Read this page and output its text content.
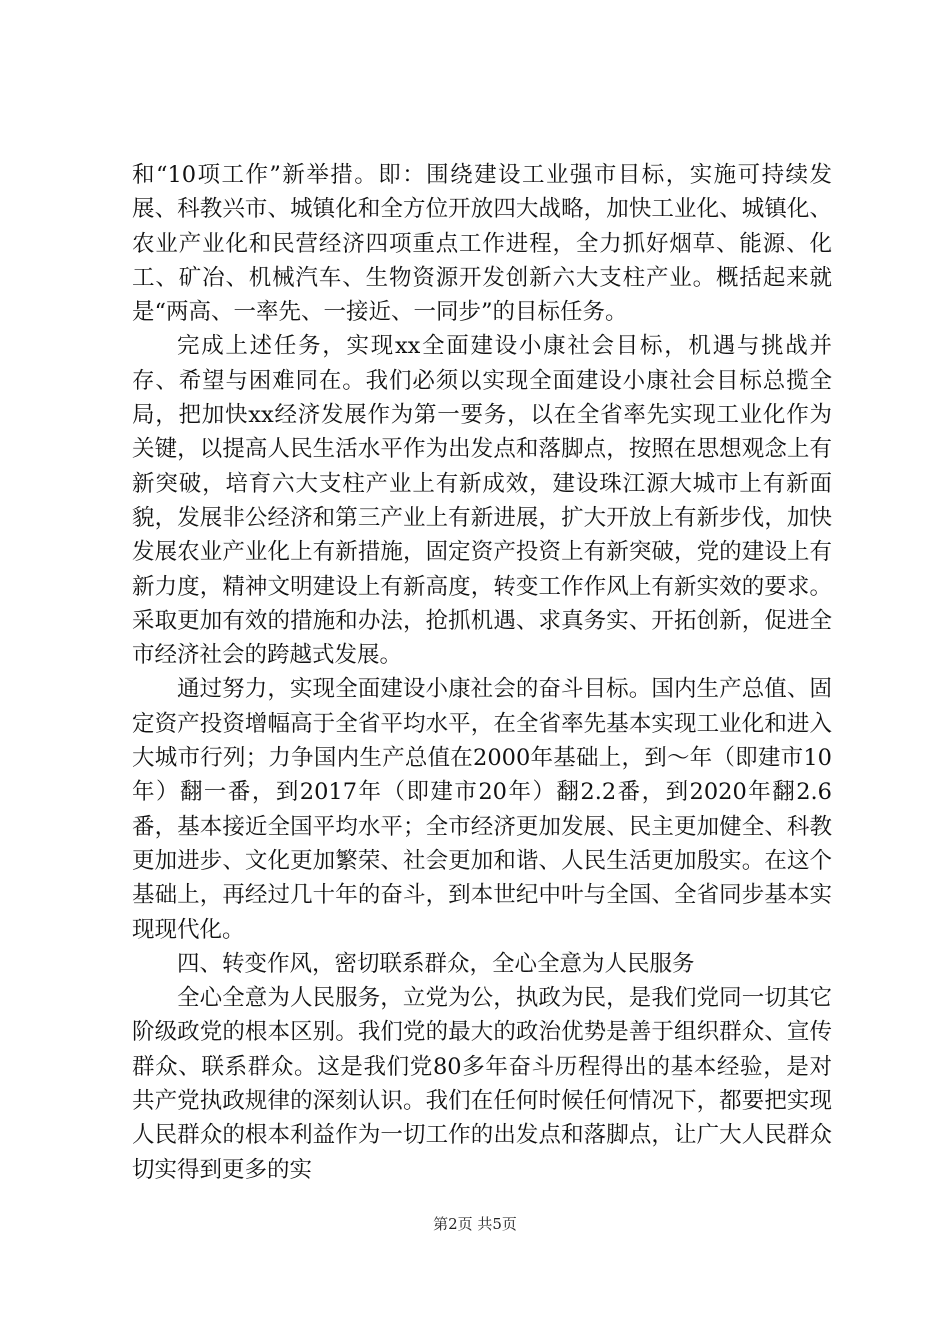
和“10项工作”新举措。即：围绕建设工业强市目标，实施可持续发展、科教兴市、城镇化和全方位开放四大战略，加快工业化、城镇化、农业产业化和民营经济四项重点工作进程，全力抓好烟草、能源、化工、矿冶、机械汽车、生物资源开发创新六大支柱产业。概括起来就是“两高、一率先、一接近、一同步”的目标任务。

完成上述任务，实现xx全面建设小康社会目标，机遇与挑战并存、希望与困难同在。我们必须以实现全面建设小康社会目标总揽全局，把加快xx经济发展作为第一要务，以在全省率先实现工业化作为关键，以提高人民生活水平作为出发点和落脚点，按照在思想观念上有新突破，培育六大支柱产业上有新成效，建设珠江源大城市上有新面貌，发展非公经济和第三产业上有新进展，扩大开放上有新步伐，加快发展农业产业化上有新措施，固定资产投资上有新突破，党的建设上有新力度，精神文明建设上有新高度，转变工作作风上有新实效的要求。采取更加有效的措施和办法，抢抓机遇、求真务实、开拓创新，促进全市经济社会的跨越式发展。

通过努力，实现全面建设小康社会的奋斗目标。国内生产总值、固定资产投资增幅高于全省平均水平，在全省率先基本实现工业化和进入大城市行列；力争国内生产总值在2000年基础上，到～年（即建市10年）翻一番，到2017年（即建市20年）翻2.2番，到2020年翻2.6番，基本接近全国平均水平；全市经济更加发展、民主更加健全、科教更加进步、文化更加繁荣、社会更加和谐、人民生活更加殷实。在这个基础上，再经过几十年的奋斗，到本世纪中叶与全国、全省同步基本实现现代化。

四、转变作风，密切联系群众，全心全意为人民服务

全心全意为人民服务，立党为公，执政为民，是我们党同一切其它阶级政党的根本区别。我们党的最大的政治优势是善于组织群众、宣传群众、联系群众。这是我们党80多年奋斗历程得出的基本经验，是对共产党执政规律的深刻认识。我们在任何时候任何情况下，都要把实现人民群众的根本利益作为一切工作的出发点和落脚点，让广大人民群众切实得到更多的实

第2页 共5页
